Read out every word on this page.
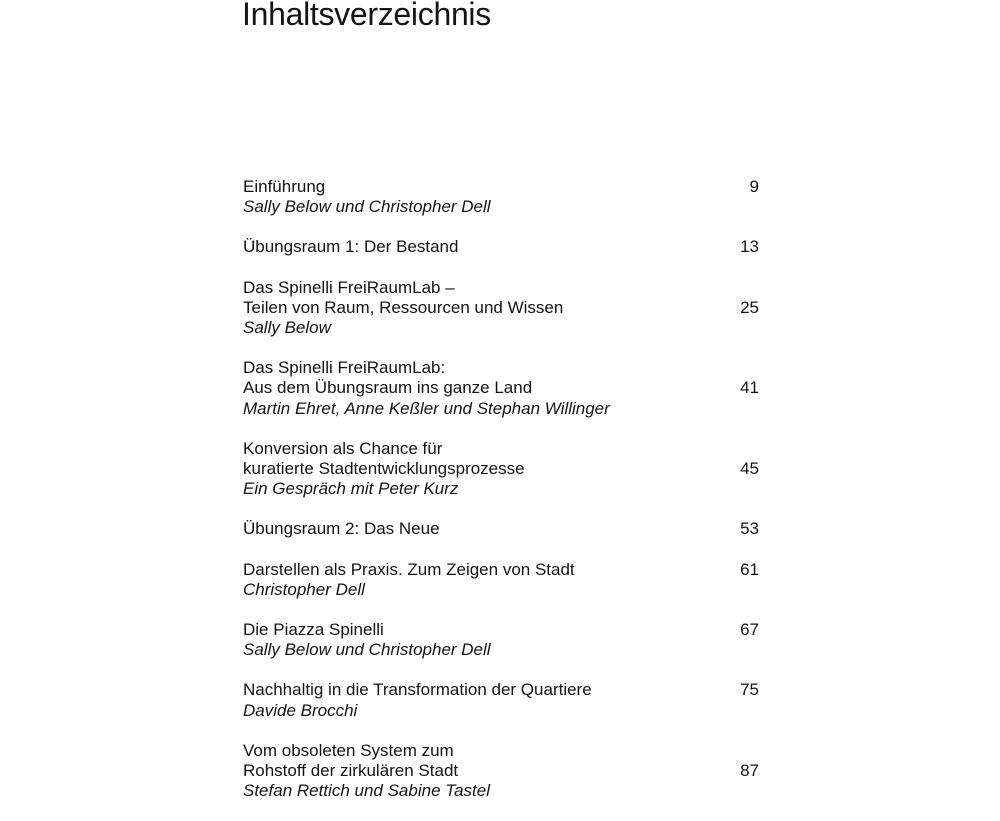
Inhaltsverzeichnis
Einführung
Sally Below und Christopher Dell
9
Übungsraum 1: Der Bestand	13
Das Spinelli FreiRaumLab –
Teilen von Raum, Ressourcen und Wissen
Sally Below
25
Das Spinelli FreiRaumLab:
Aus dem Übungsraum ins ganze Land
Martin Ehret, Anne Keßler und Stephan Willinger
41
Konversion als Chance für
kuratierte Stadtentwicklungsprozesse
Ein Gespräch mit Peter Kurz
45
Übungsraum 2: Das Neue	53
Darstellen als Praxis. Zum Zeigen von Stadt
Christopher Dell
61
Die Piazza Spinelli
Sally Below und Christopher Dell
67
Nachhaltig in die Transformation der Quartiere
Davide Brocchi
75
Vom obsoleten System zum
Rohstoff der zirkulären Stadt
Stefan Rettich und Sabine Tastel
87
